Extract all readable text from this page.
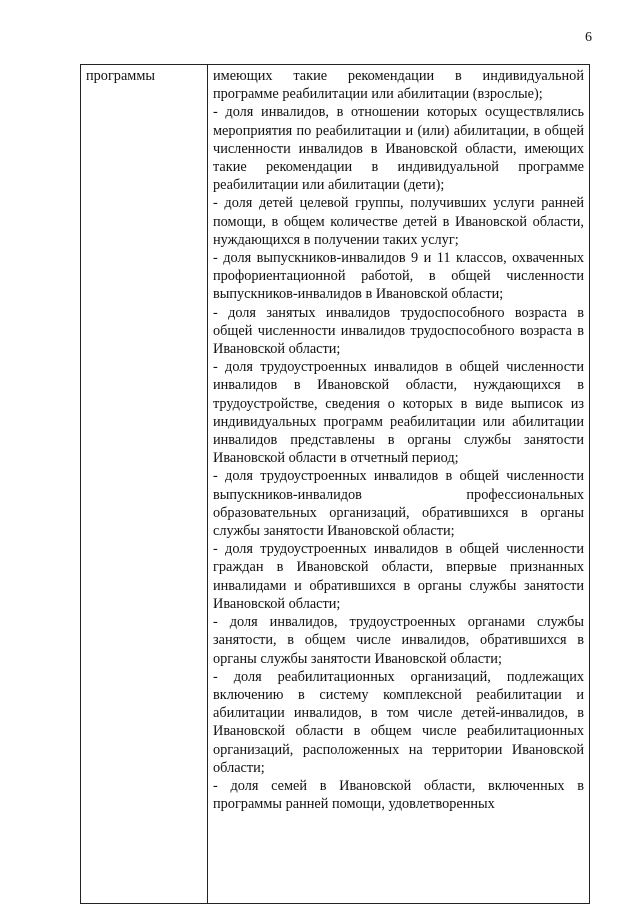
6
программы	имеющих такие рекомендации в индивидуальной программе реабилитации или абилитации (взрослые);

- доля инвалидов, в отношении которых осуществлялись мероприятия по реабилитации и (или) абилитации, в общей численности инвалидов в Ивановской области, имеющих такие рекомендации в индивидуальной программе реабилитации или абилитации (дети);

- доля детей целевой группы, получивших услуги ранней помощи, в общем количестве детей в Ивановской области, нуждающихся в получении таких услуг;

- доля выпускников-инвалидов 9 и 11 классов, охваченных профориентационной работой, в общей численности выпускников-инвалидов в Ивановской области;

- доля занятых инвалидов трудоспособного возраста в общей численности инвалидов трудоспособного возраста в Ивановской области;

- доля трудоустроенных инвалидов в общей численности инвалидов в Ивановской области, нуждающихся в трудоустройстве, сведения о которых в виде выписок из индивидуальных программ реабилитации или абилитации инвалидов представлены в органы службы занятости Ивановской области в отчетный период;

- доля трудоустроенных инвалидов в общей численности выпускников-инвалидов профессиональных образовательных организаций, обратившихся в органы службы занятости Ивановской области;

- доля трудоустроенных инвалидов в общей численности граждан в Ивановской области, впервые признанных инвалидами и обратившихся в органы службы занятости Ивановской области;

- доля инвалидов, трудоустроенных органами службы занятости, в общем числе инвалидов, обратившихся в органы службы занятости Ивановской области;

- доля реабилитационных организаций, подлежащих включению в систему комплексной реабилитации и абилитации инвалидов, в том числе детей-инвалидов, в Ивановской области в общем числе реабилитационных организаций, расположенных на территории Ивановской области;

- доля семей в Ивановской области, включенных в программы ранней помощи, удовлетворенных
